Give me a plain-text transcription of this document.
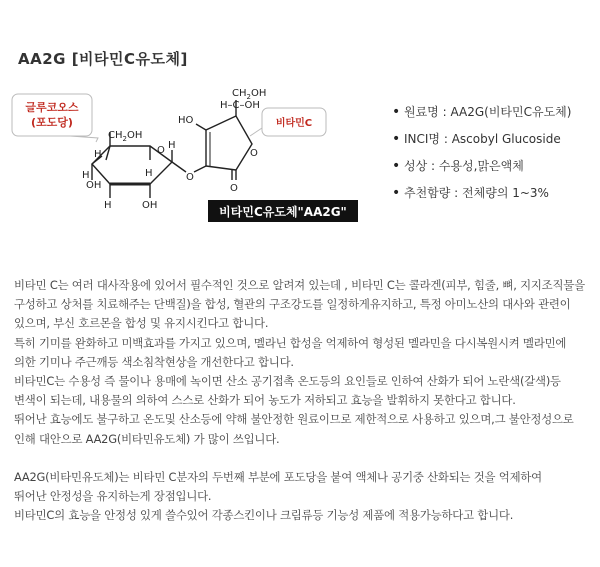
AA2G [비타민C유도체]
글루코오스
(포도당)
$CH_2OH$
H	O
H	H
H
OH
H	OH
O
$CH_2OH$
H–C–OH
HO
O
O
비타민C
비타민C유도체"AA2G"
• 원료명 : AA2G(비타민C유도체)
• INCI명 : Ascobyl Glucoside
• 성상 : 수용성,맑은액체
• 추천함량 : 전체량의 1~3%

비타민 C는 여러 대사작용에 있어서 필수적인 것으로 알려져 있는데 , 비타민 C는 콜라겐(피부, 힘줄, 뼈, 지지조직물을

구성하고 상처를 치료해주는 단백질)을 합성, 혈관의 구조강도를 일정하게유지하고, 특정 아미노산의 대사와 관련이

있으며, 부신 호르몬을 합성 및 유지시킨다고 합니다.

특히 기미를 완화하고 미백효과를 가지고 있으며, 멜라닌 합성을 억제하여 형성된 멜라민을 다시복원시켜 멜라민에

의한 기미나 주근깨등 색소침착현상을 개선한다고 합니다.

비타민C는 수용성 즉 물이나 용매에 녹이면 산소 공기접촉 온도등의 요인들로 인하여 산화가 되어 노란색(갈색)등

변색이 되는데, 내용물의 의하여 스스로 산화가 되어 농도가 저하되고 효능을 발휘하지 못한다고 합니다.

뛰어난 효능에도 불구하고 온도및 산소등에 약해 불안정한 원료이므로 제한적으로 사용하고 있으며,그 불안정성으로

인해 대안으로 AA2G(비타민유도체) 가 많이 쓰입니다.

AA2G(비타민유도체)는 비타민 C분자의 두번째 부분에 포도당을 붙여 액체나 공기중 산화되는 것을 억제하여

뛰어난 안정성을 유지하는게 장점입니다.

비타민C의 효능을 안정성 있게 쓸수있어 각종스킨이나 크림류등 기능성 제품에 적용가능하다고 합니다.
